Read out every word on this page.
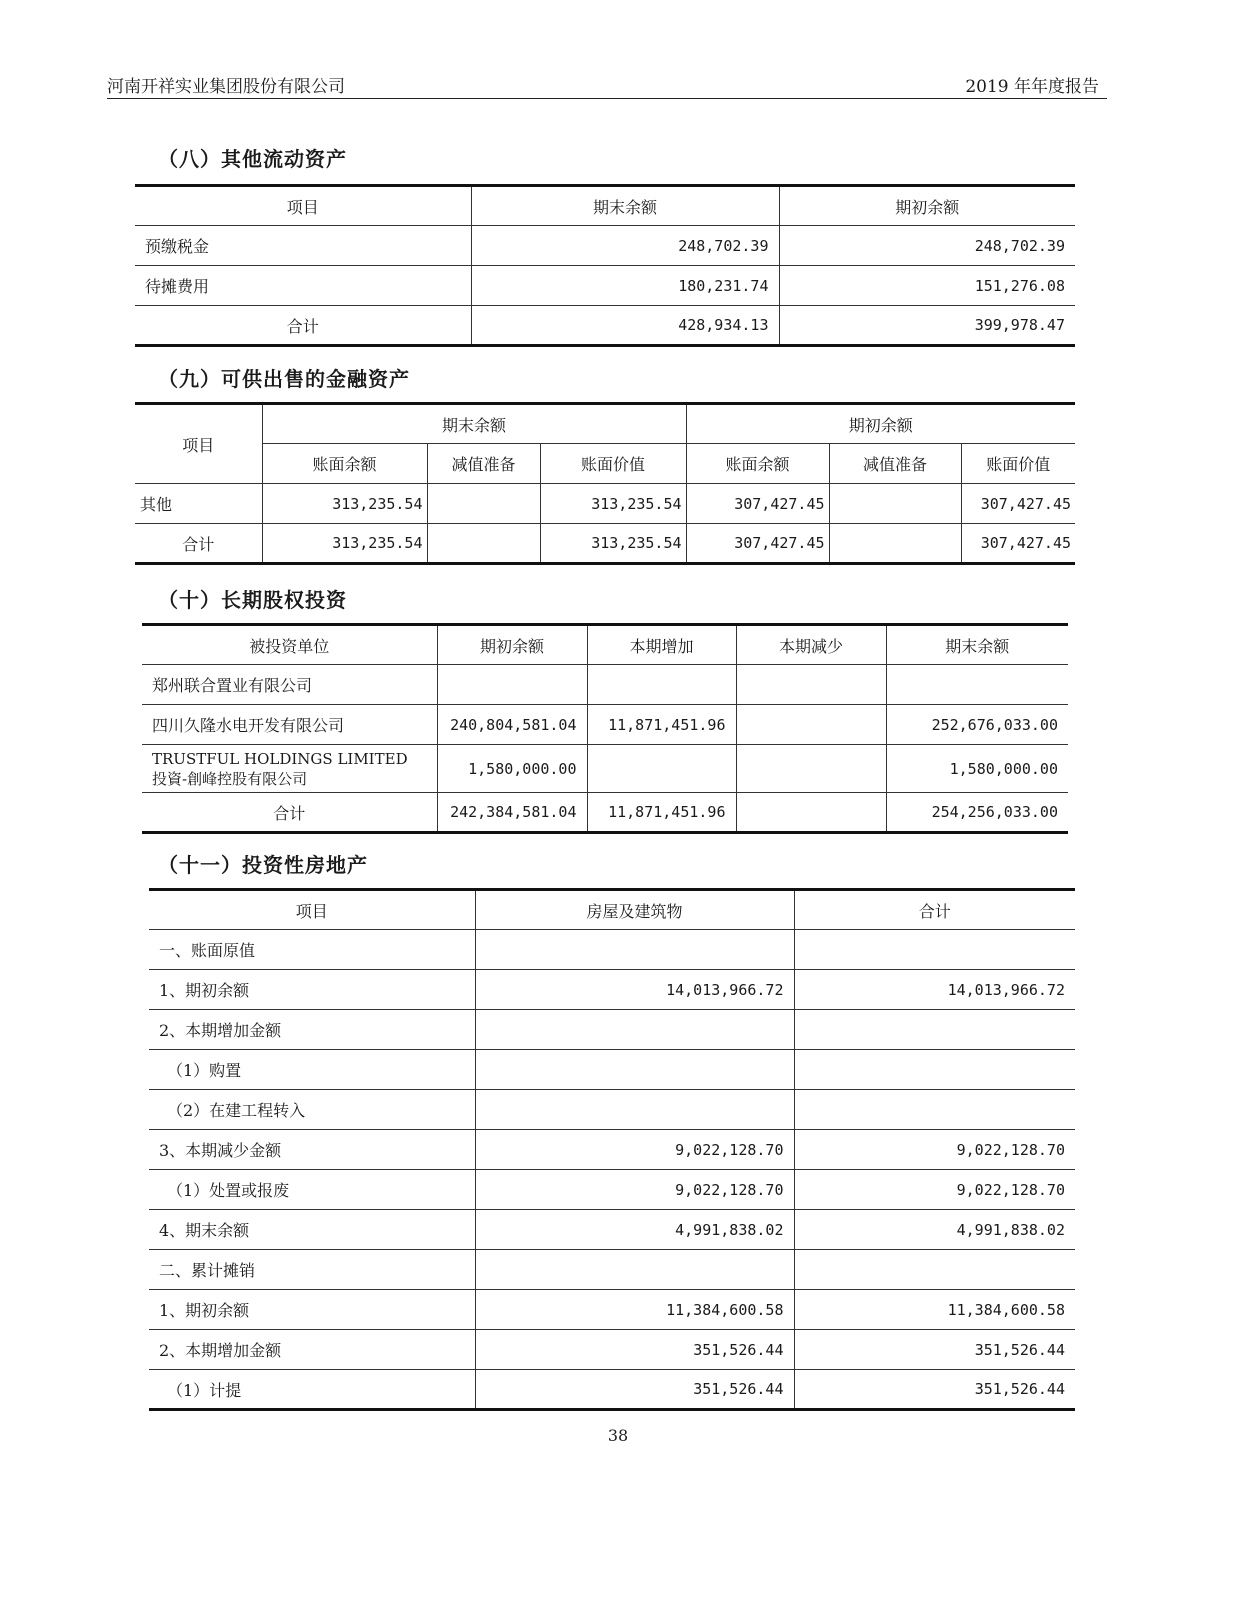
河南开祥实业集团股份有限公司	2019 年年度报告
（八）其他流动资产
项目	期末余额	期初余额
预缴税金	248,702.39	248,702.39
待摊费用	180,231.74	151,276.08
合计	428,934.13	399,978.47
（九）可供出售的金融资产
项目	期末余额			期初余额		
	账面余额	减值准备	账面价值	账面余额	减值准备	账面价值
其他	313,235.54		313,235.54	307,427.45		307,427.45
合计	313,235.54		313,235.54	307,427.45		307,427.45
（十）长期股权投资
被投资单位	期初余额	本期增加	本期减少	期末余额
郑州联合置业有限公司				
四川久隆水电开发有限公司	240,804,581.04	11,871,451.96		252,676,033.00
TRUSTFUL HOLDINGS LIMITED 投資-創峰控股有限公司	1,580,000.00			1,580,000.00
合计	242,384,581.04	11,871,451.96		254,256,033.00
（十一）投资性房地产
项目	房屋及建筑物	合计
一、账面原值		
1、期初余额	14,013,966.72	14,013,966.72
2、本期增加金额		
（1）购置		
（2）在建工程转入		
3、本期减少金额	9,022,128.70	9,022,128.70
（1）处置或报废	9,022,128.70	9,022,128.70
4、期末余额	4,991,838.02	4,991,838.02
二、累计摊销		
1、期初余额	11,384,600.58	11,384,600.58
2、本期增加金额	351,526.44	351,526.44
（1）计提	351,526.44	351,526.44
38
